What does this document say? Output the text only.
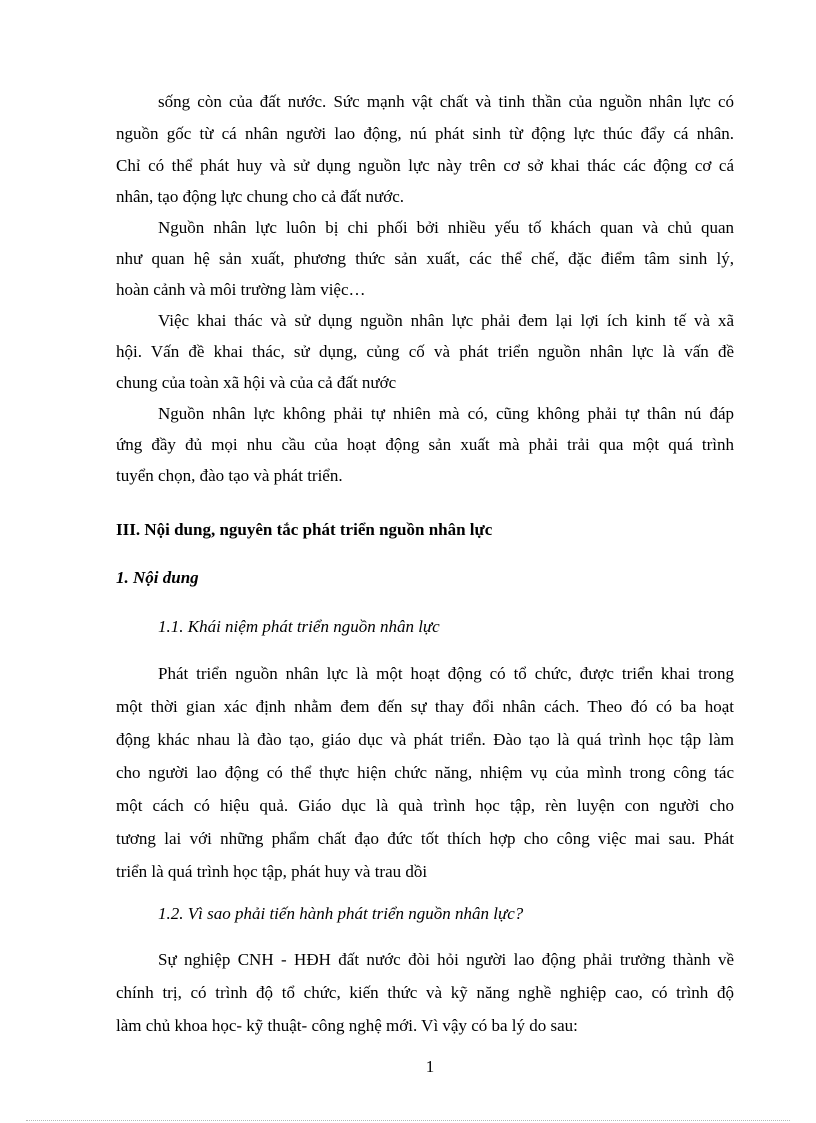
sống còn của đất nước. Sức mạnh vật chất và tinh thần của nguồn nhân lực có
nguồn gốc từ cá nhân người lao động, nú phát sinh từ động lực thúc đẩy cá nhân.
Chỉ có thể phát huy và sử dụng nguồn lực này trên cơ sở khai thác các động cơ cá
nhân, tạo động lực chung cho cả đất nước.
Nguồn nhân lực luôn bị chi phối bởi nhiều yếu tố khách quan và chủ quan
như quan hệ sản xuất, phương thức sản xuất, các thể chế, đặc điểm tâm sinh lý,
hoàn cảnh và môi trường làm việc…
Việc khai thác và sử dụng nguồn nhân lực phải đem lại lợi ích kinh tế và xã
hội. Vấn đề khai thác, sử dụng, củng cố và phát triển nguồn nhân lực là vấn đề
chung của toàn xã hội và của cả đất nước
Nguồn nhân lực không phải tự nhiên mà có, cũng không phải tự thân nú đáp
ứng đầy đủ mọi nhu cầu của hoạt động sản xuất mà phải trải qua một quá trình
tuyển chọn, đào tạo và phát triển.
III. Nội dung, nguyên tắc phát triển nguồn nhân lực
1. Nội dung
1.1. Khái niệm phát triển nguồn nhân lực
Phát triển nguồn nhân lực là một hoạt động có tổ chức, được triển khai trong
một thời gian xác định nhằm đem đến sự thay đổi nhân cách. Theo đó có ba hoạt
động khác nhau là đào tạo, giáo dục và phát triển. Đào tạo là quá trình học tập làm
cho người lao động có thể thực hiện chức năng, nhiệm vụ của mình trong công tác
một cách có hiệu quả. Giáo dục là quà trình học tập, rèn luyện con người cho
tương lai với những phẩm chất đạo đức tốt thích hợp cho công việc mai sau. Phát
triển là quá trình học tập, phát huy và trau dồi
1.2. Vì sao phải tiến hành phát triển nguồn nhân lực?
Sự nghiệp CNH - HĐH đất nước đòi hỏi người lao động phải trưởng thành về
chính trị, có trình độ tổ chức, kiến thức và kỹ năng nghề nghiệp cao, có trình độ
làm chủ khoa học- kỹ thuật- công nghệ mới. Vì vậy có ba lý do sau:
1
